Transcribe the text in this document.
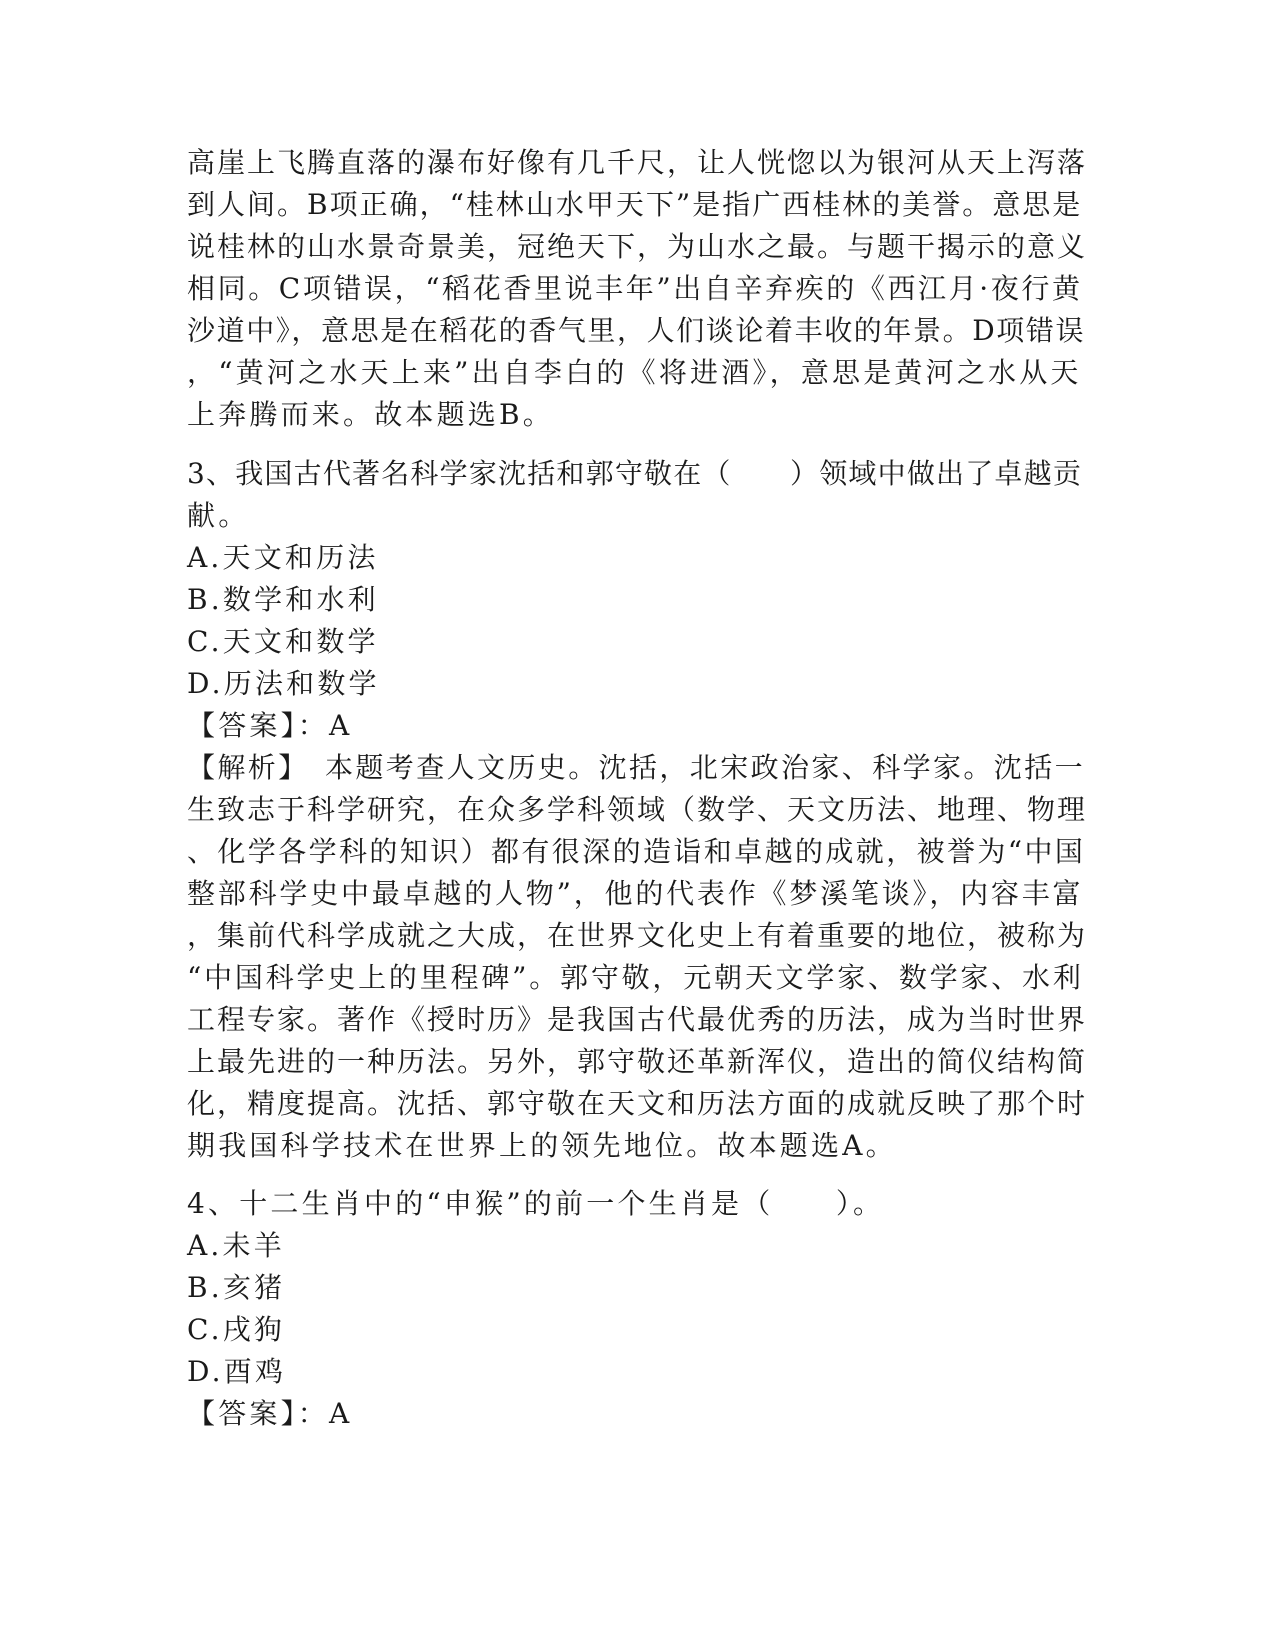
高崖上飞腾直落的瀑布好像有几千尺，让人恍惚以为银河从天上泻落
到人间。B项正确，“桂林山水甲天下”是指广西桂林的美誉。意思是
说桂林的山水景奇景美，冠绝天下，为山水之最。与题干揭示的意义
相同。C项错误，“稻花香里说丰年”出自辛弃疾的《西江月·夜行黄
沙道中》，意思是在稻花的香气里，人们谈论着丰收的年景。D项错误
，“黄河之水天上来”出自李白的《将进酒》，意思是黄河之水从天
上奔腾而来。故本题选B。
3、我国古代著名科学家沈括和郭守敬在（　　）领域中做出了卓越贡
献。
A.天文和历法
B.数学和水利
C.天文和数学
D.历法和数学
【答案】：A
【解析】　本题考查人文历史。沈括，北宋政治家、科学家。沈括一
生致志于科学研究，在众多学科领域（数学、天文历法、地理、物理
、化学各学科的知识）都有很深的造诣和卓越的成就，被誉为“中国
整部科学史中最卓越的人物”，他的代表作《梦溪笔谈》，内容丰富
，集前代科学成就之大成，在世界文化史上有着重要的地位，被称为
“中国科学史上的里程碑”。郭守敬，元朝天文学家、数学家、水利
工程专家。著作《授时历》是我国古代最优秀的历法，成为当时世界
上最先进的一种历法。另外，郭守敬还革新浑仪，造出的简仪结构简
化，精度提高。沈括、郭守敬在天文和历法方面的成就反映了那个时
期我国科学技术在世界上的领先地位。故本题选A。
4、十二生肖中的“申猴”的前一个生肖是（　　）。
A.未羊
B.亥猪
C.戌狗
D.酉鸡
【答案】：A
